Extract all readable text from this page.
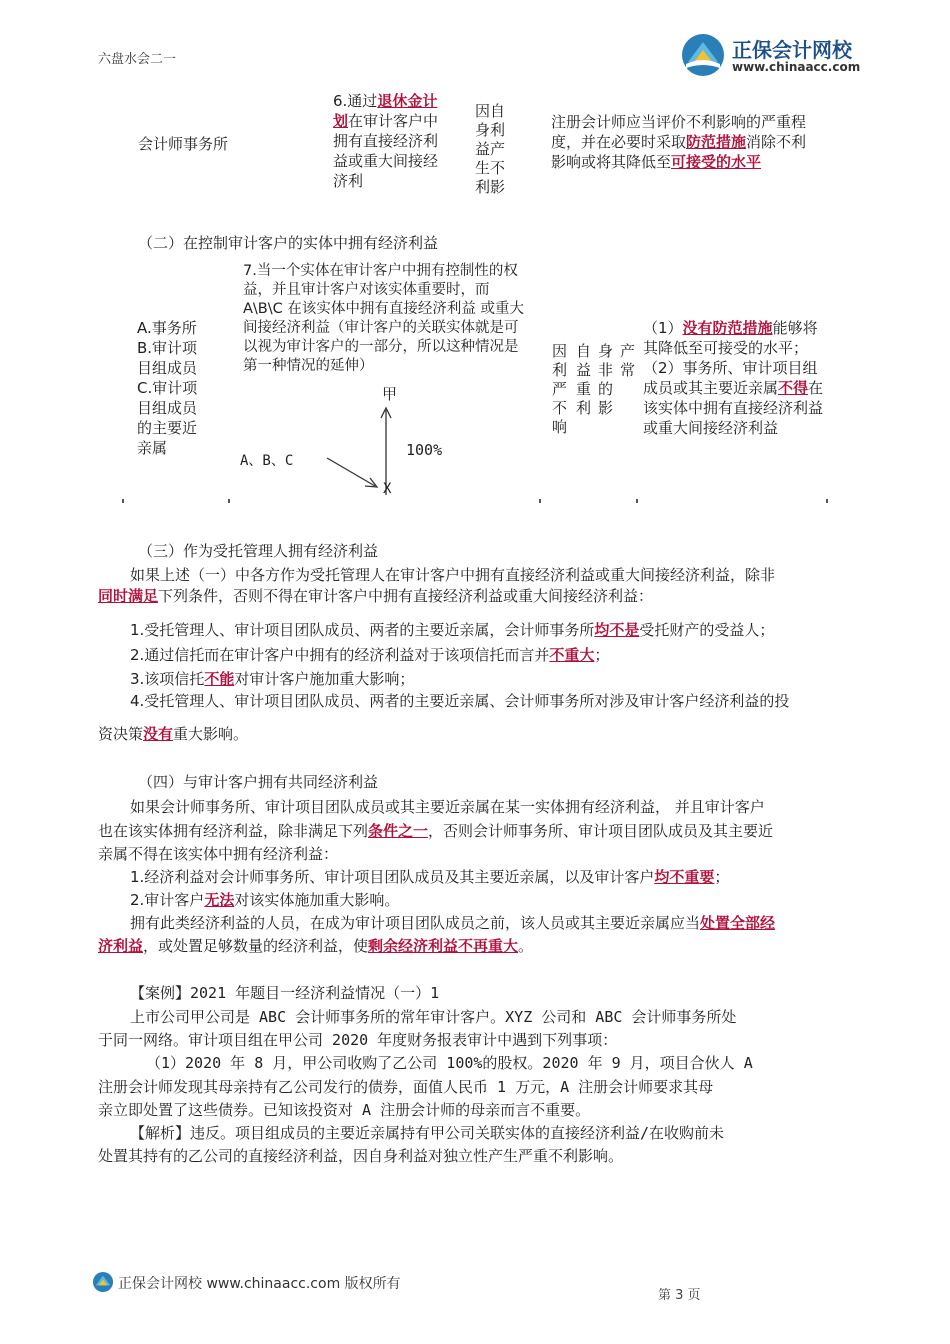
六盘水会二一	正保会计网校
www.chinaacc.com
会计师事务所
6.通过退休金计划在审计客户中拥有直接经济利益或重大间接经济利
因自身利益产生不利影
注册会计师应当评价不利影响的严重程度，并在必要时采取防范措施消除不利影响或将其降低至可接受的水平
（二）在控制审计客户的实体中拥有经济利益
A.事务所
B.审计项目组成员
C.审计项目组成员的主要近亲属
7.当一个实体在审计客户中拥有控制性的权益，并且审计客户对该实体重要时，而 A\B\C 在该实体中拥有直接经济利益 或重大间接经济利益（审计客户的关联实体就是可以视为审计客户的一部分，所以这种情况是第一种情况的延伸）
甲
100%
A、B、C
X
因利严不响
自益重利
身非的影
产常
（1）没有防范措施能够将其降低至可接受的水平；
（2）事务所、审计项目组成员或其主要近亲属不得在该实体中拥有直接经济利益或重大间接经济利益
（三）作为受托管理人拥有经济利益
如果上述（一）中各方作为受托管理人在审计客户中拥有直接经济利益或重大间接经济利益，除非
同时满足下列条件，否则不得在审计客户中拥有直接经济利益或重大间接经济利益：
1.受托管理人、审计项目团队成员、两者的主要近亲属，会计师事务所均不是受托财产的受益人；
2.通过信托而在审计客户中拥有的经济利益对于该项信托而言并不重大；
3.该项信托不能对审计客户施加重大影响；
4.受托管理人、审计项目团队成员、两者的主要近亲属、会计师事务所对涉及审计客户经济利益的投
资决策没有重大影响。
（四）与审计客户拥有共同经济利益
如果会计师事务所、审计项目团队成员或其主要近亲属在某一实体拥有经济利益， 并且审计客户
也在该实体拥有经济利益，除非满足下列条件之一，否则会计师事务所、审计项目团队成员及其主要近
亲属不得在该实体中拥有经济利益：
1.经济利益对会计师事务所、审计项目团队成员及其主要近亲属，以及审计客户均不重要；
2.审计客户无法对该实体施加重大影响。
拥有此类经济利益的人员，在成为审计项目团队成员之前，该人员或其主要近亲属应当处置全部经
济利益，或处置足够数量的经济利益，使剩余经济利益不再重大。
【案例】2021 年题目一经济利益情况（一）1
上市公司甲公司是 ABC 会计师事务所的常年审计客户。XYZ 公司和 ABC 会计师事务所处
于同一网络。审计项目组在甲公司 2020 年度财务报表审计中遇到下列事项：
（1）2020 年 8 月，甲公司收购了乙公司 100%的股权。2020 年 9 月，项目合伙人 A
注册会计师发现其母亲持有乙公司发行的债券，面值人民币 1 万元，A 注册会计师要求其母
亲立即处置了这些债券。已知该投资对 A 注册会计师的母亲而言不重要。
【解析】违反。项目组成员的主要近亲属持有甲公司关联实体的直接经济利益/在收购前未
处置其持有的乙公司的直接经济利益，因自身利益对独立性产生严重不利影响。
正保会计网校 www.chinaacc.com 版权所有
第 3 页
